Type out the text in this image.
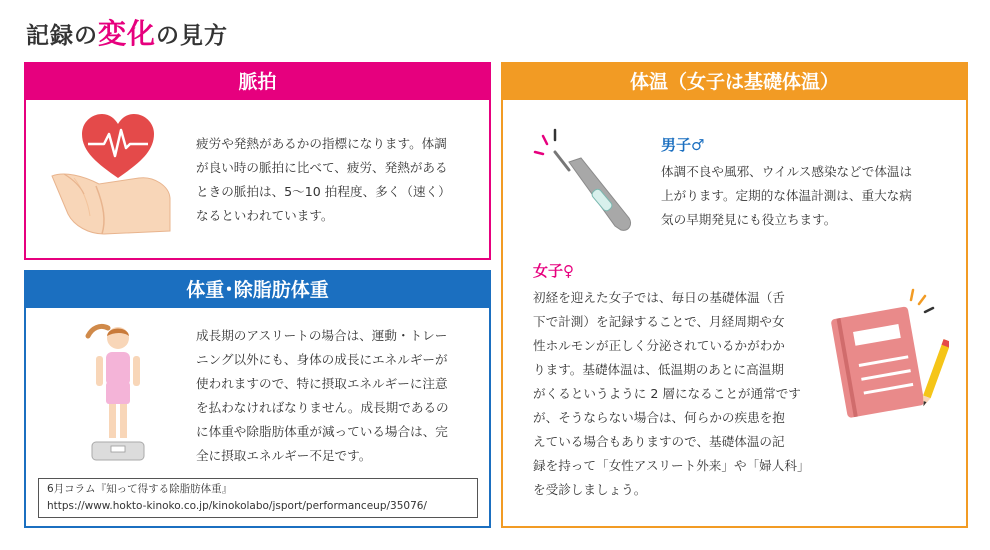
記録の変化の見方
脈拍
疲労や発熱があるかの指標になります。体調
が良い時の脈拍に比べて、疲労、発熱がある
ときの脈拍は、5〜10 拍程度、多く（速く）
なるといわれています。
体重･除脂肪体重
成長期のアスリートの場合は、運動・トレー
ニング以外にも、身体の成長にエネルギーが
使われますので、特に摂取エネルギーに注意
を払わなければなりません。成長期であるの
に体重や除脂肪体重が減っている場合は、完
全に摂取エネルギー不足です。
6月コラム『知って得する除脂肪体重』
https://www.hokto-kinoko.co.jp/kinokolabo/jsport/performanceup/35076/
体温（女子は基礎体温）
男子♂
体調不良や風邪、ウイルス感染などで体温は
上がります。定期的な体温計測は、重大な病
気の早期発見にも役立ちます。
女子♀
初経を迎えた女子では、毎日の基礎体温（舌
下で計測）を記録することで、月経周期や女
性ホルモンが正しく分泌されているかがわか
ります。基礎体温は、低温期のあとに高温期
がくるというように 2 層になることが通常です
が、そうならない場合は、何らかの疾患を抱
えている場合もありますので、基礎体温の記
録を持って「女性アスリート外来」や「婦人科」
を受診しましょう。
